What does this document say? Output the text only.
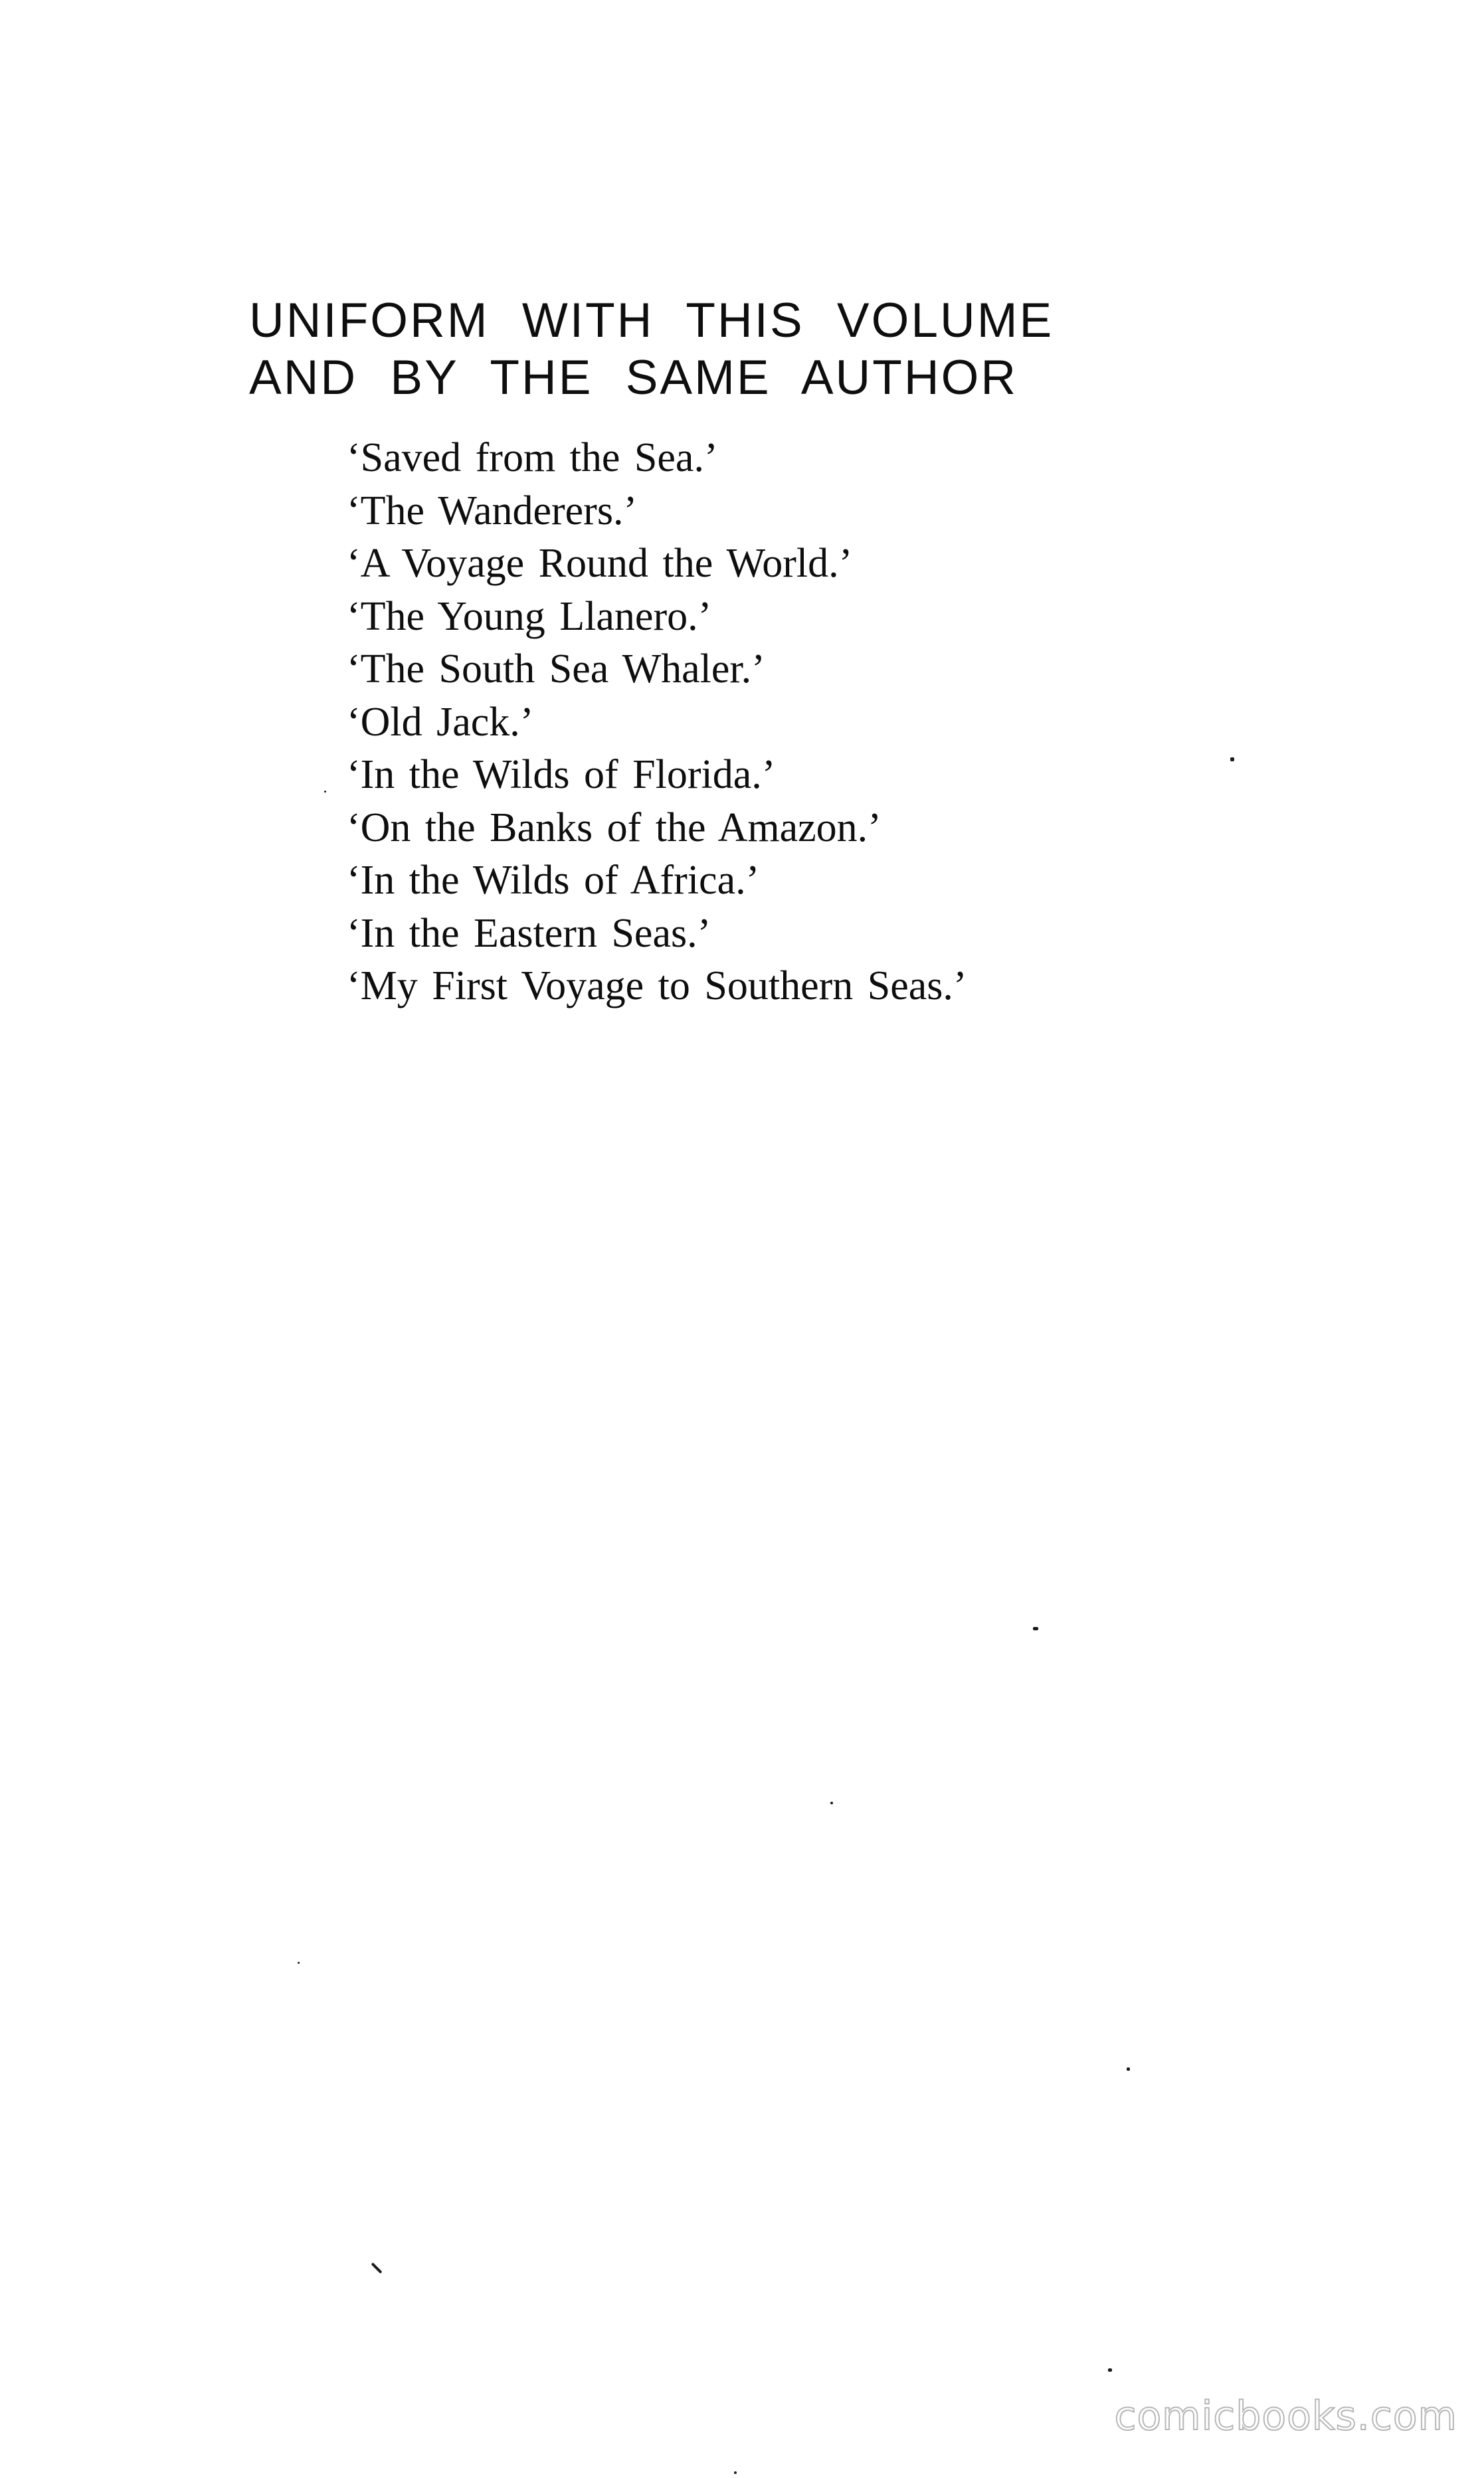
UNIFORM WITH THIS VOLUME
AND BY THE SAME AUTHOR
‘Saved from the Sea.’
‘The Wanderers.’
‘A Voyage Round the World.’
‘The Young Llanero.’
‘The South Sea Whaler.’
‘Old Jack.’
‘In the Wilds of Florida.’
‘On the Banks of the Amazon.’
‘In the Wilds of Africa.’
‘In the Eastern Seas.’
‘My First Voyage to Southern Seas.’
comicbooks.com
